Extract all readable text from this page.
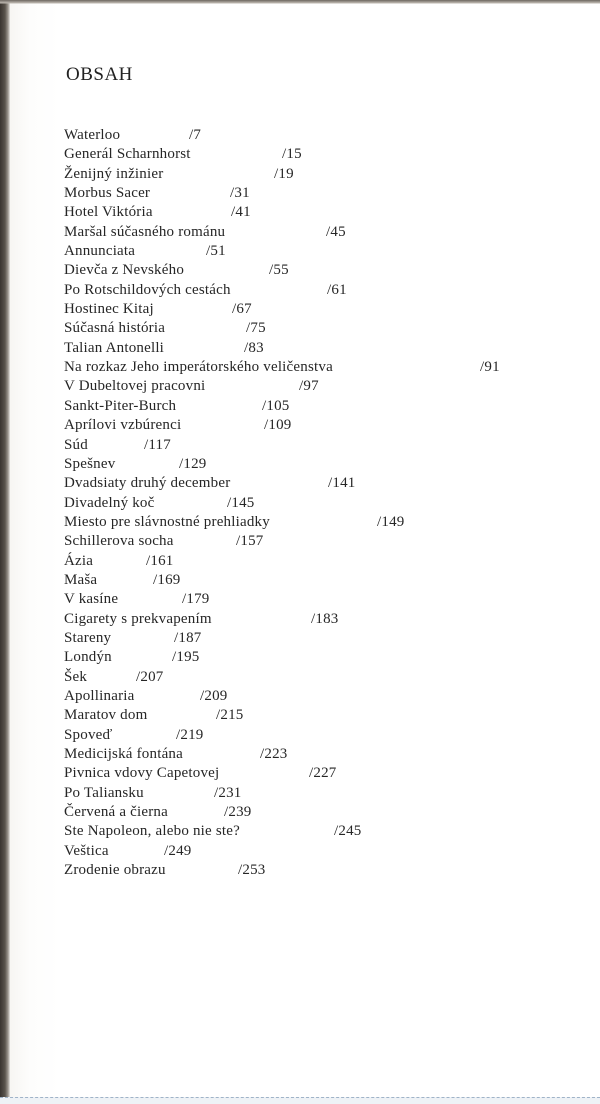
OBSAH
Waterloo	/7
Generál Scharnhorst	/15
Ženijný inžinier	/19
Morbus Sacer	/31
Hotel Viktória	/41
Maršal súčasného románu	/45
Annunciata	/51
Dievča z Nevského	/55
Po Rotschildových cestách	/61
Hostinec Kitaj	/67
Súčasná história	/75
Talian Antonelli	/83
Na rozkaz Jeho imperátorského veličenstva	/91
V Dubeltovej pracovni	/97
Sankt-Piter-Burch	/105
Aprílovi vzbúrenci	/109
Súd	/117
Spešnev	/129
Dvadsiaty druhý december	/141
Divadelný koč	/145
Miesto pre slávnostné prehliadky	/149
Schillerova socha	/157
Ázia	/161
Maša	/169
V kasíne	/179
Cigarety s prekvapením	/183
Stareny	/187
Londýn	/195
Šek	/207
Apollinaria	/209
Maratov dom	/215
Spoveď	/219
Medicijská fontána	/223
Pivnica vdovy Capetovej	/227
Po Taliansku	/231
Červená a čierna	/239
Ste Napoleon, alebo nie ste?	/245
Veštica	/249
Zrodenie obrazu	/253
